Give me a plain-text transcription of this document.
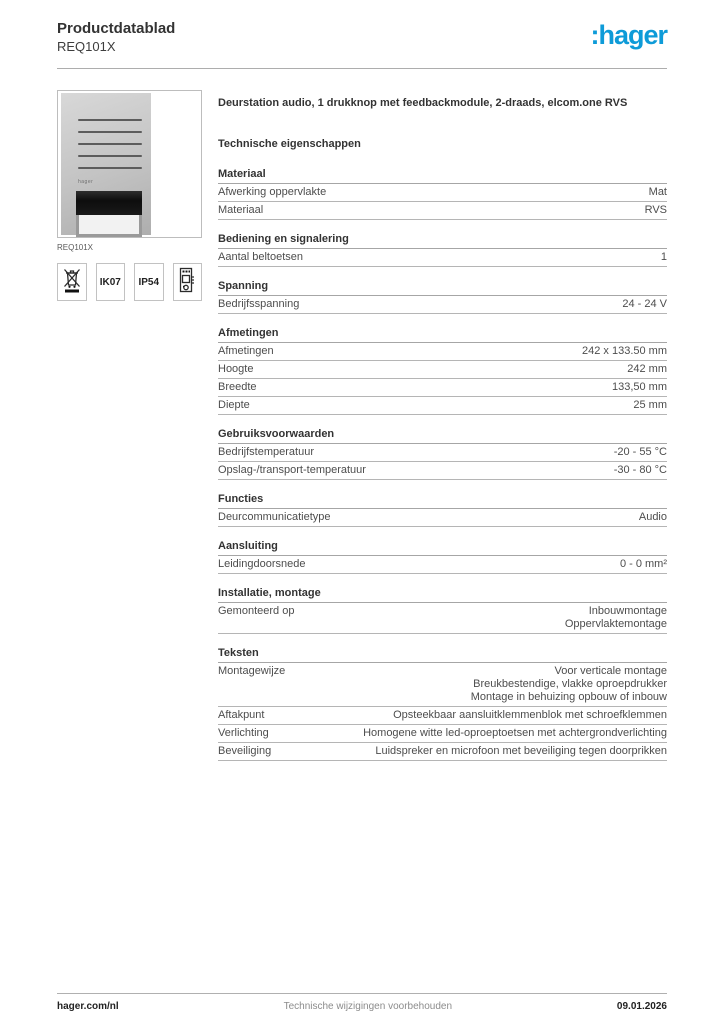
Productdatablad
REQ101X	:hager
hager
REQ101X
IK07 IP54
Deurstation audio, 1 drukknop met feedbackmodule, 2-draads, elcom.one RVS
Technische eigenschappen
Materiaal
Afwerking oppervlakte	Mat
Materiaal	RVS
Bediening en signalering
Aantal beltoetsen	1
Spanning
Bedrijfsspanning	24 - 24 V
Afmetingen
Afmetingen	242 x 133.50 mm
Hoogte	242 mm
Breedte	133,50 mm
Diepte	25 mm
Gebruiksvoorwaarden
Bedrijfstemperatuur	-20 - 55 °C
Opslag-/transport-temperatuur	-30 - 80 °C
Functies
Deurcommunicatietype	Audio
Aansluiting
Leidingdoorsnede	0 - 0 mm²
Installatie, montage
Gemonteerd op	Inbouwmontage
Oppervlaktemontage
Teksten
Montagewijze	Voor verticale montage
Breukbestendige, vlakke oproepdrukker
Montage in behuizing opbouw of inbouw
Aftakpunt	Opsteekbaar aansluitklemmenblok met schroefklemmen
Verlichting	Homogene witte led-oproeptoetsen met achtergrondverlichting
Beveiliging	Luidspreker en microfoon met beveiliging tegen doorprikken
hager.com/nl	Technische wijzigingen voorbehouden	09.01.2026
